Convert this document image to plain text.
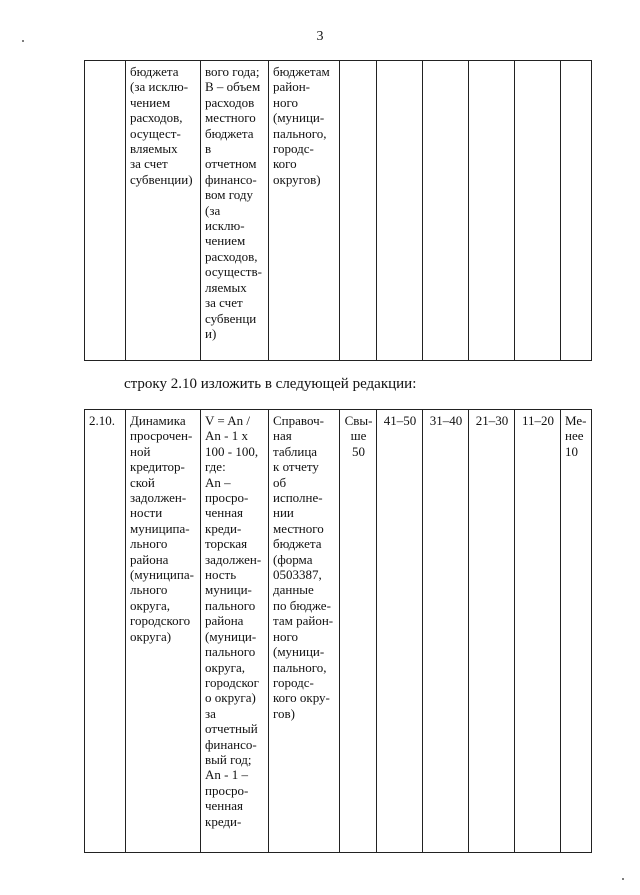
3
	бюджета
(за исклю-
чением
расходов,
осущест-
вляемых
за счет
субвенции)	вого года;
В – объем
расходов
местного
бюджета
в
отчетном
финансо-
вом году
(за
исклю-
чением
расходов,
осуществ-
ляемых
за счет
субвенци
и)	бюджетам
район-
ного
(муници-
пального,
городс-
кого
округов)						
строку 2.10 изложить в следующей редакции:
2.10.	Динамика
просрочен-
ной
кредитор-
ской
задолжен-
ности
муниципа-
льного
района
(муниципа-
льного
округа,
городского
округа)	V = An /
An - 1 x
100 - 100,
где:
An –
просро-
ченная
креди-
торская
задолжен-
ность
муници-
пального
района
(муници-
пального
округа,
городског
о округа)
за
отчетный
финансо-
вый год;
An - 1 –
просро-
ченная
креди-	Справоч-
ная
таблица
к отчету
об
исполне-
нии
местного
бюджета
(форма
0503387,
данные
по бюдже-
там район-
ного
(муници-
пального,
городс-
кого окру-
гов)	Свы-
ше
50	41–50	31–40	21–30	11–20	Ме-
нее
10
